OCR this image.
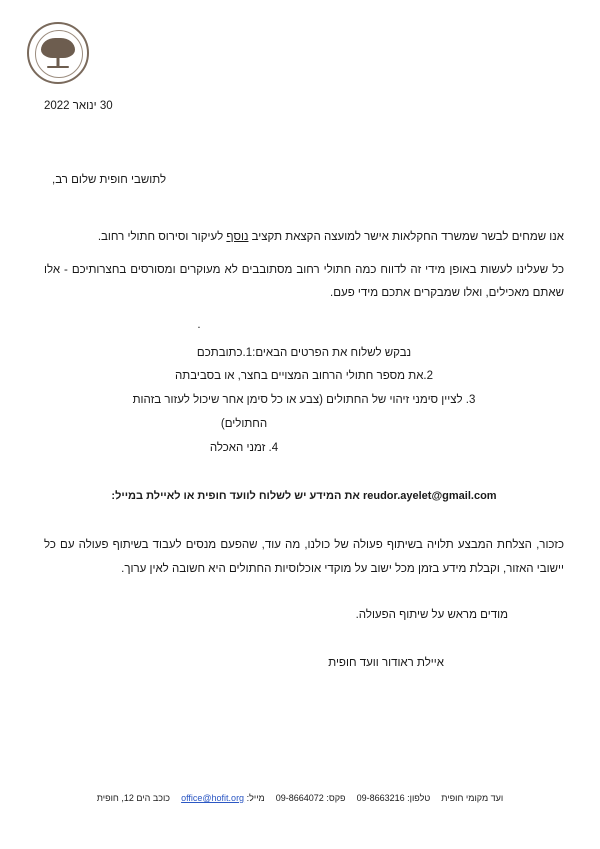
30 ינואר 2022

לתושבי חופית שלום רב,

אנו שמחים לבשר שמשרד החקלאות אישר למועצה הקצאת תקציב נוסף לעיקור וסירוס חתולי רחוב.

כל שעלינו לעשות באופן מידי זה לדווח כמה חתולי רחוב מסתובבים לא מעוקרים ומסורסים בחצרותיכם - אלו שאתם מאכילים, ואלו שמבקרים אתכם מידי פעם.

.

נבקש לשלוח את הפרטים הבאים:1.כתובתכם

2.את מספר חתולי הרחוב המצויים בחצר, או בסביבתה

3. לציין סימני זיהוי של החתולים (צבע או כל סימן אחר שיכול לעזור בזהות

החתולים)

4. זמני האכלה

reudor.ayelet@gmail.com את המידע יש לשלוח לוועד חופית או לאיילת במייל:

כזכור, הצלחת המבצע תלויה בשיתוף פעולה של כולנו, מה עוד, שהפעם מנסים לעבוד בשיתוף פעולה עם כל יישובי האזור, וקבלת מידע בזמן מכל ישוב על מוקדי אוכלוסיות החתולים היא חשובה לאין ערוך.

מודים מראש על שיתוף הפעולה.

איילת ראודור וועד חופית

ועד מקומי חופית  טלפון: 09-8663216  פקס: 09-8664072  מייל: office@hofit.org  כוכב הים 12, חופית
